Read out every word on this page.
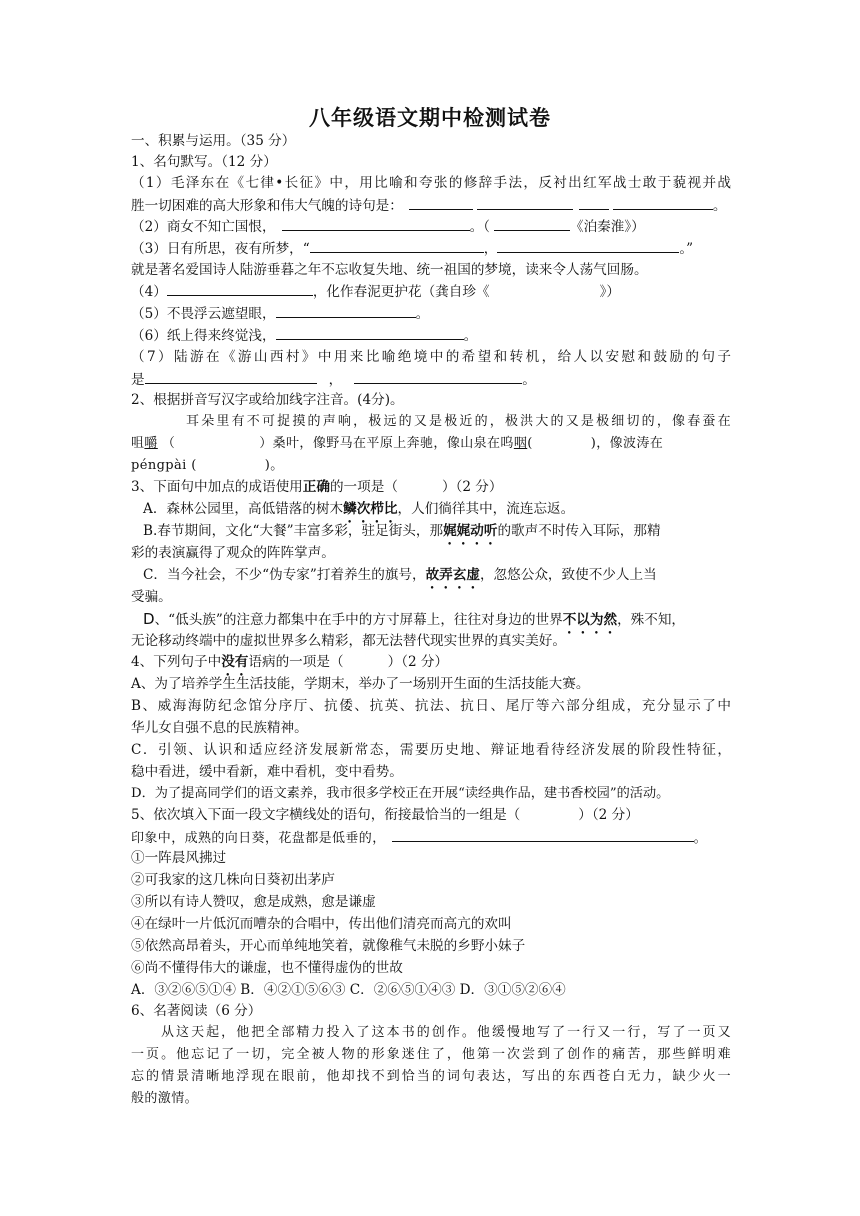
八年级语文期中检测试卷
一、积累与运用。（35 分）
1、名句默写。（12 分）
（1）毛泽东在《七律•长征》中，用比喻和夸张的修辞手法，反衬出红军战士敢于藐视并战
胜一切困难的高大形象和伟大气魄的诗句是：	。
（2）商女不知亡国恨，	。（	《泊秦淮》）
（3）日有所思，夜有所梦，“	，	。”
就是著名爱国诗人陆游垂暮之年不忘收复失地、统一祖国的梦境，读来令人荡气回肠。
（4）	，化作春泥更护花（龚自珍《	》）
（5）不畏浮云遮望眼，	。
（6）纸上得来终觉浅，	。
（7）陆游在《游山西村》中用来比喻绝境中的希望和转机，给人以安慰和鼓励的句子
是	，	。
2、根据拼音写汉字或给加线字注音。(4分)。
耳朵里有不可捉摸的声响，极远的又是极近的，极洪大的又是极细切的，像春蚕在
咀嚼 （	）桑叶，像野马在平原上奔驰，像山泉在呜咽(	)，像波涛在
péngpài (	)。
3、下面句中加点的成语使用正确的一项是（	）（2 分）
A．森林公园里，高低错落的树木鳞次栉比，人们徜徉其中，流连忘返。
B.春节期间，文化“大餐”丰富多彩，驻足街头，那娓娓动听的歌声不时传入耳际，那精
彩的表演赢得了观众的阵阵掌声。
C．当今社会，不少“伪专家”打着养生的旗号，故弄玄虚，忽悠公众，致使不少人上当
受骗。
D、“低头族”的注意力都集中在手中的方寸屏幕上，往往对身边的世界不以为然，殊不知，
无论移动终端中的虚拟世界多么精彩，都无法替代现实世界的真实美好。
4、下列句子中没有语病的一项是（	）（2 分）
A、为了培养学生生活技能，学期末，举办了一场别开生面的生活技能大赛。
B、威海海防纪念馆分序厅、抗倭、抗英、抗法、抗日、尾厅等六部分组成，充分显示了中
华儿女自强不息的民族精神。
C．引领、认识和适应经济发展新常态，需要历史地、辩证地看待经济发展的阶段性特征，
稳中看进，缓中看新，难中看机，变中看势。
D．为了提高同学们的语文素养，我市很多学校正在开展“读经典作品，建书香校园”的活动。
5、依次填入下面一段文字横线处的语句，衔接最恰当的一组是（	）（2 分）
印象中，成熟的向日葵，花盘都是低垂的，	。
①一阵晨风拂过
②可我家的这几株向日葵初出茅庐
③所以有诗人赞叹，愈是成熟，愈是谦虚
④在绿叶一片低沉而嘈杂的合唱中，传出他们清亮而高亢的欢叫
⑤依然高昂着头，开心而单纯地笑着，就像稚气未脱的乡野小妹子
⑥尚不懂得伟大的谦虚，也不懂得虚伪的世故
A．③②⑥⑤①④ B．④②①⑤⑥③ C．②⑥⑤①④③ D．③①⑤②⑥④
6、名著阅读（6 分）
从这天起，他把全部精力投入了这本书的创作。他缓慢地写了一行又一行，写了一页又
一页。他忘记了一切，完全被人物的形象迷住了，他第一次尝到了创作的痛苦，那些鲜明难
忘的情景清晰地浮现在眼前，他却找不到恰当的词句表达，写出的东西苍白无力，缺少火一
般的激情。
